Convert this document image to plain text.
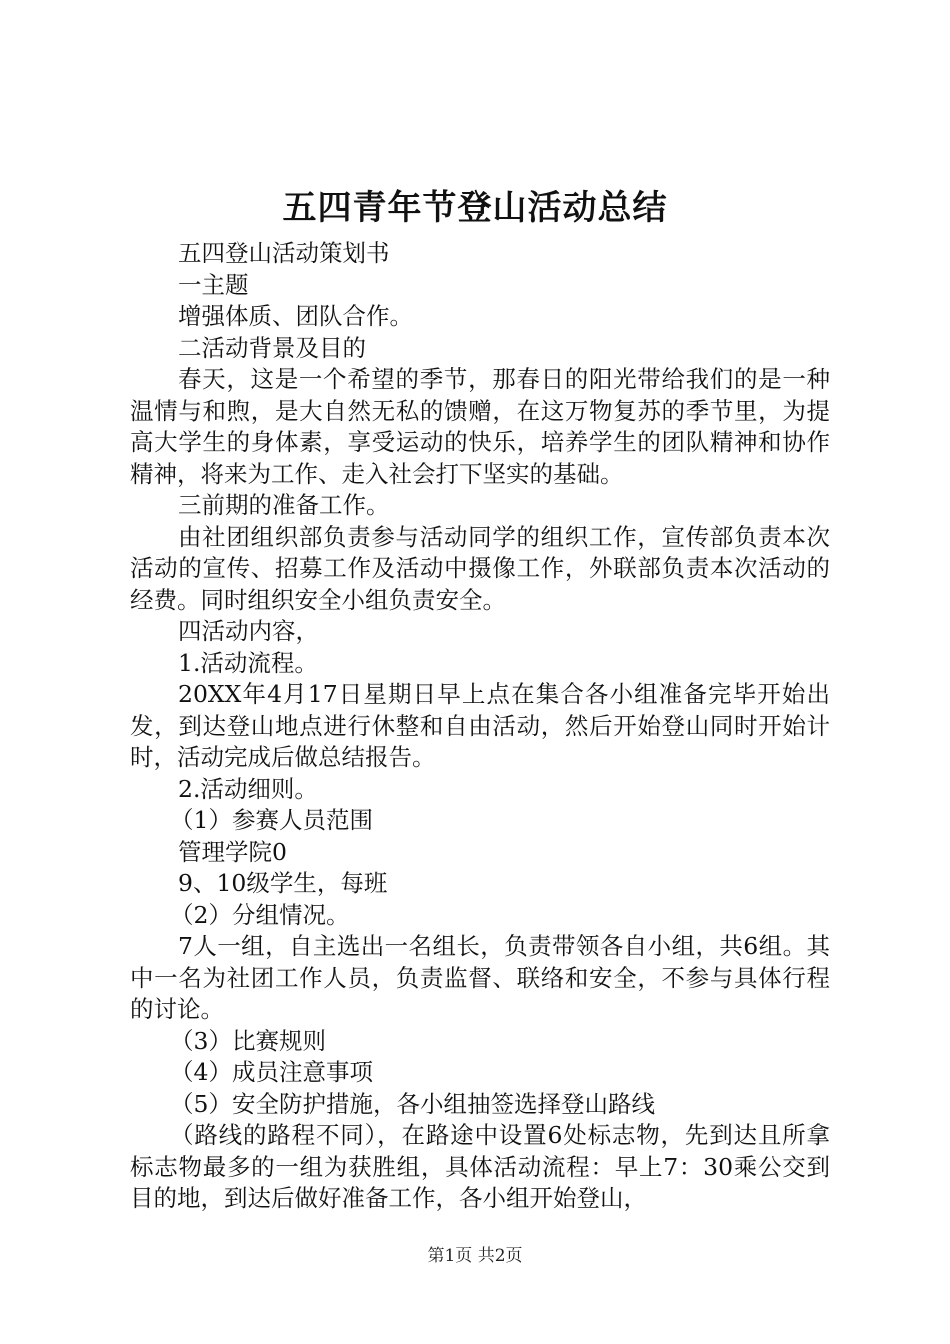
五四青年节登山活动总结

五四登山活动策划书

一主题

增强体质、团队合作。

二活动背景及目的

春天，这是一个希望的季节，那春日的阳光带给我们的是一种温情与和煦，是大自然无私的馈赠，在这万物复苏的季节里，为提高大学生的身体素，享受运动的快乐，培养学生的团队精神和协作精神，将来为工作、走入社会打下坚实的基础。

三前期的准备工作。

由社团组织部负责参与活动同学的组织工作，宣传部负责本次活动的宣传、招募工作及活动中摄像工作，外联部负责本次活动的经费。同时组织安全小组负责安全。

四活动内容，

1.活动流程。

20XX年4月17日星期日早上点在集合各小组准备完毕开始出发，到达登山地点进行休整和自由活动，然后开始登山同时开始计时，活动完成后做总结报告。

2.活动细则。

（1）参赛人员范围

管理学院0

9、10级学生，每班

（2）分组情况。

7人一组，自主选出一名组长，负责带领各自小组，共6组。其中一名为社团工作人员，负责监督、联络和安全，不参与具体行程的讨论。

（3）比赛规则

（4）成员注意事项

（5）安全防护措施，各小组抽签选择登山路线

（路线的路程不同），在路途中设置6处标志物，先到达且所拿标志物最多的一组为获胜组，具体活动流程：早上7：30乘公交到目的地，到达后做好准备工作，各小组开始登山，

第1页 共2页
